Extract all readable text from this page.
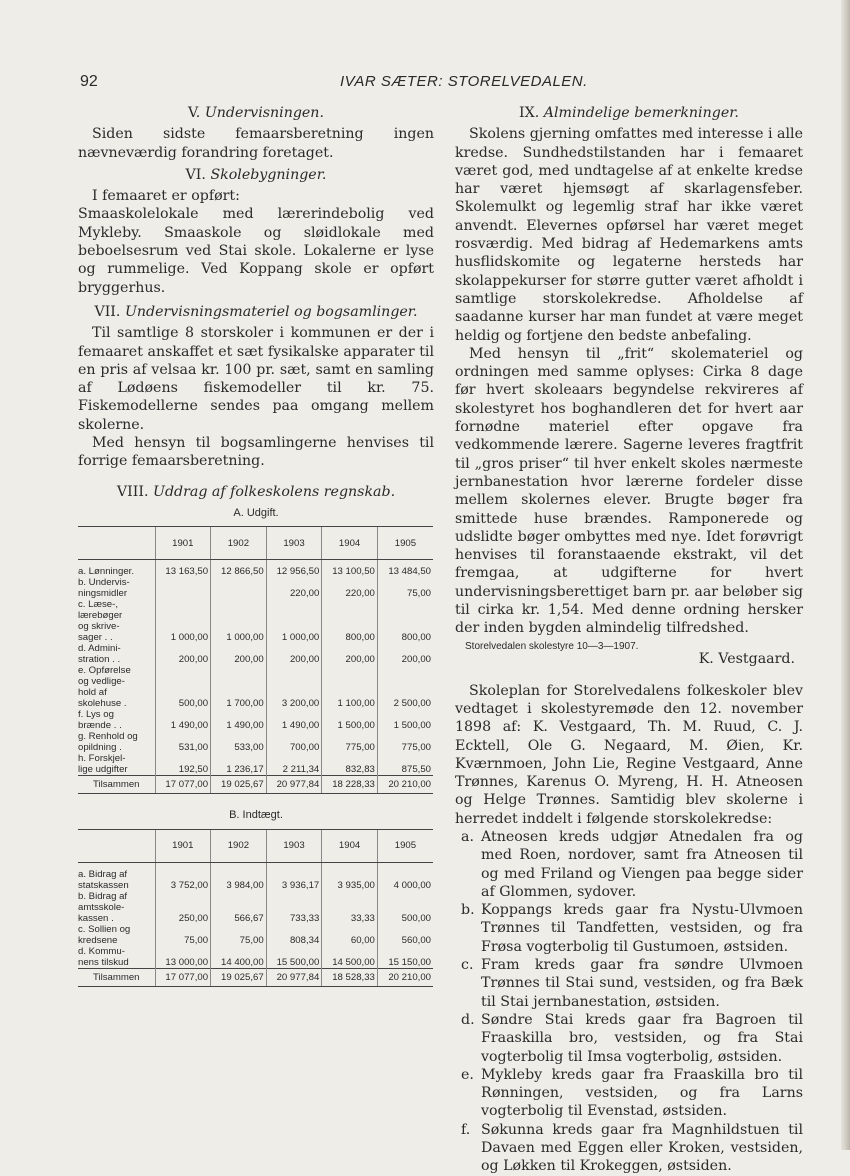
92	IVAR SÆTER: STORELVEDALEN.
V. Undervisningen.

Siden sidste femaarsberetning ingen nævneværdig forandring foretaget.

VI. Skolebygninger.

I femaaret er opført:

Smaaskolelokale med lærerindebolig ved Mykleby. Smaaskole og sløidlokale med beboelsesrum ved Stai skole. Lokalerne er lyse og rummelige. Ved Koppang skole er opført bryggerhus.

VII. Undervisningsmateriel og bogsamlinger.

Til samtlige 8 storskoler i kommunen er der i femaaret anskaffet et sæt fysikalske apparater til en pris af velsaa kr. 100 pr. sæt, samt en samling af Lødøens fiskemodeller til kr. 75. Fiskemodellerne sendes paa omgang mellem skolerne.

Med hensyn til bogsamlingerne henvises til forrige femaarsberetning.

VIII. Uddrag af folkeskolens regnskab.
A. Udgift.
	1901	1902	1903	1904	1905
a. Lønninger.	13 163,50	12 866,50	12 956,50	13 100,50	13 484,50
b. Undervis-
ningsmidler			220,00	220,00	75,00
c. Læse-,
lærebøger
og skrive-
sager . .	1 000,00	1 000,00	1 000,00	800,00	800,00
d. Admini-
stration . .	200,00	200,00	200,00	200,00	200,00
e. Opførelse
og vedlige-
hold af
skolehuse .	500,00	1 700,00	3 200,00	1 100,00	2 500,00
f. Lys og
brænde . .	1 490,00	1 490,00	1 490,00	1 500,00	1 500,00
g. Renhold og
opildning .	531,00	533,00	700,00	775,00	775,00
h. Forskjel-
lige udgifter	192,50	1 236,17	2 211,34	832,83	875,50
Tilsammen	17 077,00	19 025,67	20 977,84	18 228,33	20 210,00
B. Indtægt.
	1901	1902	1903	1904	1905
a. Bidrag af
statskassen	3 752,00	3 984,00	3 936,17	3 935,00	4 000,00
b. Bidrag af
amtsskole-
kassen .	250,00	566,67	733,33	33,33	500,00
c. Sollien og
kredsene	75,00	75,00	808,34	60,00	560,00
d. Kommu-
nens tilskud	13 000,00	14 400,00	15 500,00	14 500,00	15 150,00
Tilsammen	17 077,00	19 025,67	20 977,84	18 528,33	20 210,00
IX. Almindelige bemerkninger.

Skolens gjerning omfattes med interesse i alle kredse. Sundhedstilstanden har i femaaret været god, med undtagelse af at enkelte kredse har været hjemsøgt af skarlagensfeber. Skolemulkt og legemlig straf har ikke været anvendt. Elevernes opførsel har været meget rosværdig. Med bidrag af Hedemarkens amts husflidskomite og legaterne hersteds har skolappekurser for større gutter været afholdt i samtlige storskolekredse. Afholdelse af saadanne kurser har man fundet at være meget heldig og fortjene den bedste anbefaling.

Med hensyn til „frit“ skolemateriel og ordningen med samme oplyses: Cirka 8 dage før hvert skoleaars begyndelse rekvireres af skolestyret hos boghandleren det for hvert aar fornødne materiel efter opgave fra vedkommende lærere. Sagerne leveres fragtfrit til „gros priser“ til hver enkelt skoles nærmeste jernbanestation hvor lærerne fordeler disse mellem skolernes elever. Brugte bøger fra smittede huse brændes. Ramponerede og udslidte bøger ombyttes med nye. Idet forøvrigt henvises til foranstaaende ekstrakt, vil det fremgaa, at udgifterne for hvert undervisningsberettiget barn pr. aar beløber sig til cirka kr. 1,54. Med denne ordning hersker der inden bygden almindelig tilfredshed.

Storelvedalen skolestyre 10—3—1907.
K. Vestgaard.

Skoleplan for Storelvedalens folkeskoler blev vedtaget i skolestyremøde den 12. november 1898 af: K. Vestgaard, Th. M. Ruud, C. J. Ecktell, Ole G. Negaard, M. Øien, Kr. Kværnmoen, John Lie, Regine Vestgaard, Anne Trønnes, Karenus O. Myreng, H. H. Atneosen og Helge Trønnes. Samtidig blev skolerne i herredet inddelt i følgende storskolekredse:

a. Atneosen kreds udgjør Atnedalen fra og med Roen, nordover, samt fra Atneosen til og med Friland og Viengen paa begge sider af Glommen, sydover.
b. Koppangs kreds gaar fra Nystu-Ulvmoen Trønnes til Tandfetten, vestsiden, og fra Frøsa vogterbolig til Gustumoen, østsiden.
c. Fram kreds gaar fra søndre Ulvmoen Trønnes til Stai sund, vestsiden, og fra Bæk til Stai jernbanestation, østsiden.
d. Søndre Stai kreds gaar fra Bagroen til Fraaskilla bro, vestsiden, og fra Stai vogterbolig til Imsa vogterbolig, østsiden.
e. Mykleby kreds gaar fra Fraaskilla bro til Rønningen, vestsiden, og fra Larns vogterbolig til Evenstad, østsiden.
f. Søkunna kreds gaar fra Magnhildstuen til Davaen med Eggen eller Kroken, vestsiden, og Løkken til Krokeggen, østsiden.
